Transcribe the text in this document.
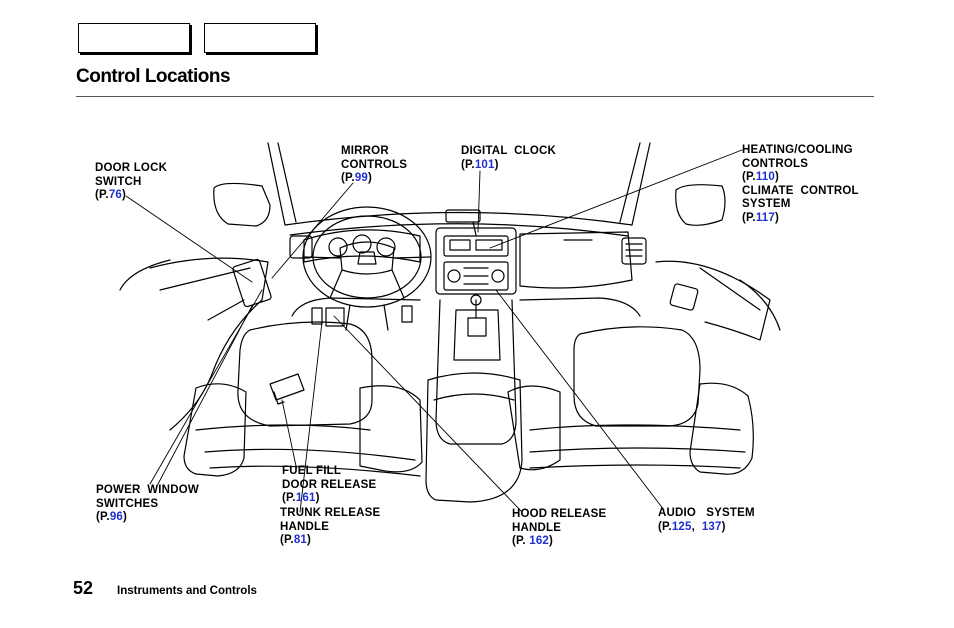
Control Locations
DOOR LOCK
SWITCH
(P.76)
MIRROR
CONTROLS
(P.99)
DIGITAL  CLOCK
(P.101)
HEATING/COOLING
CONTROLS
(P.110)
CLIMATE  CONTROL
SYSTEM
(P.117)
POWER  WINDOW
SWITCHES
(P.96)
FUEL FILL
DOOR RELEASE
(P.161)
TRUNK RELEASE
HANDLE
(P.81)
HOOD RELEASE
HANDLE
(P. 162)
AUDIO   SYSTEM
(P.125,  137)
52 Instruments and Controls
